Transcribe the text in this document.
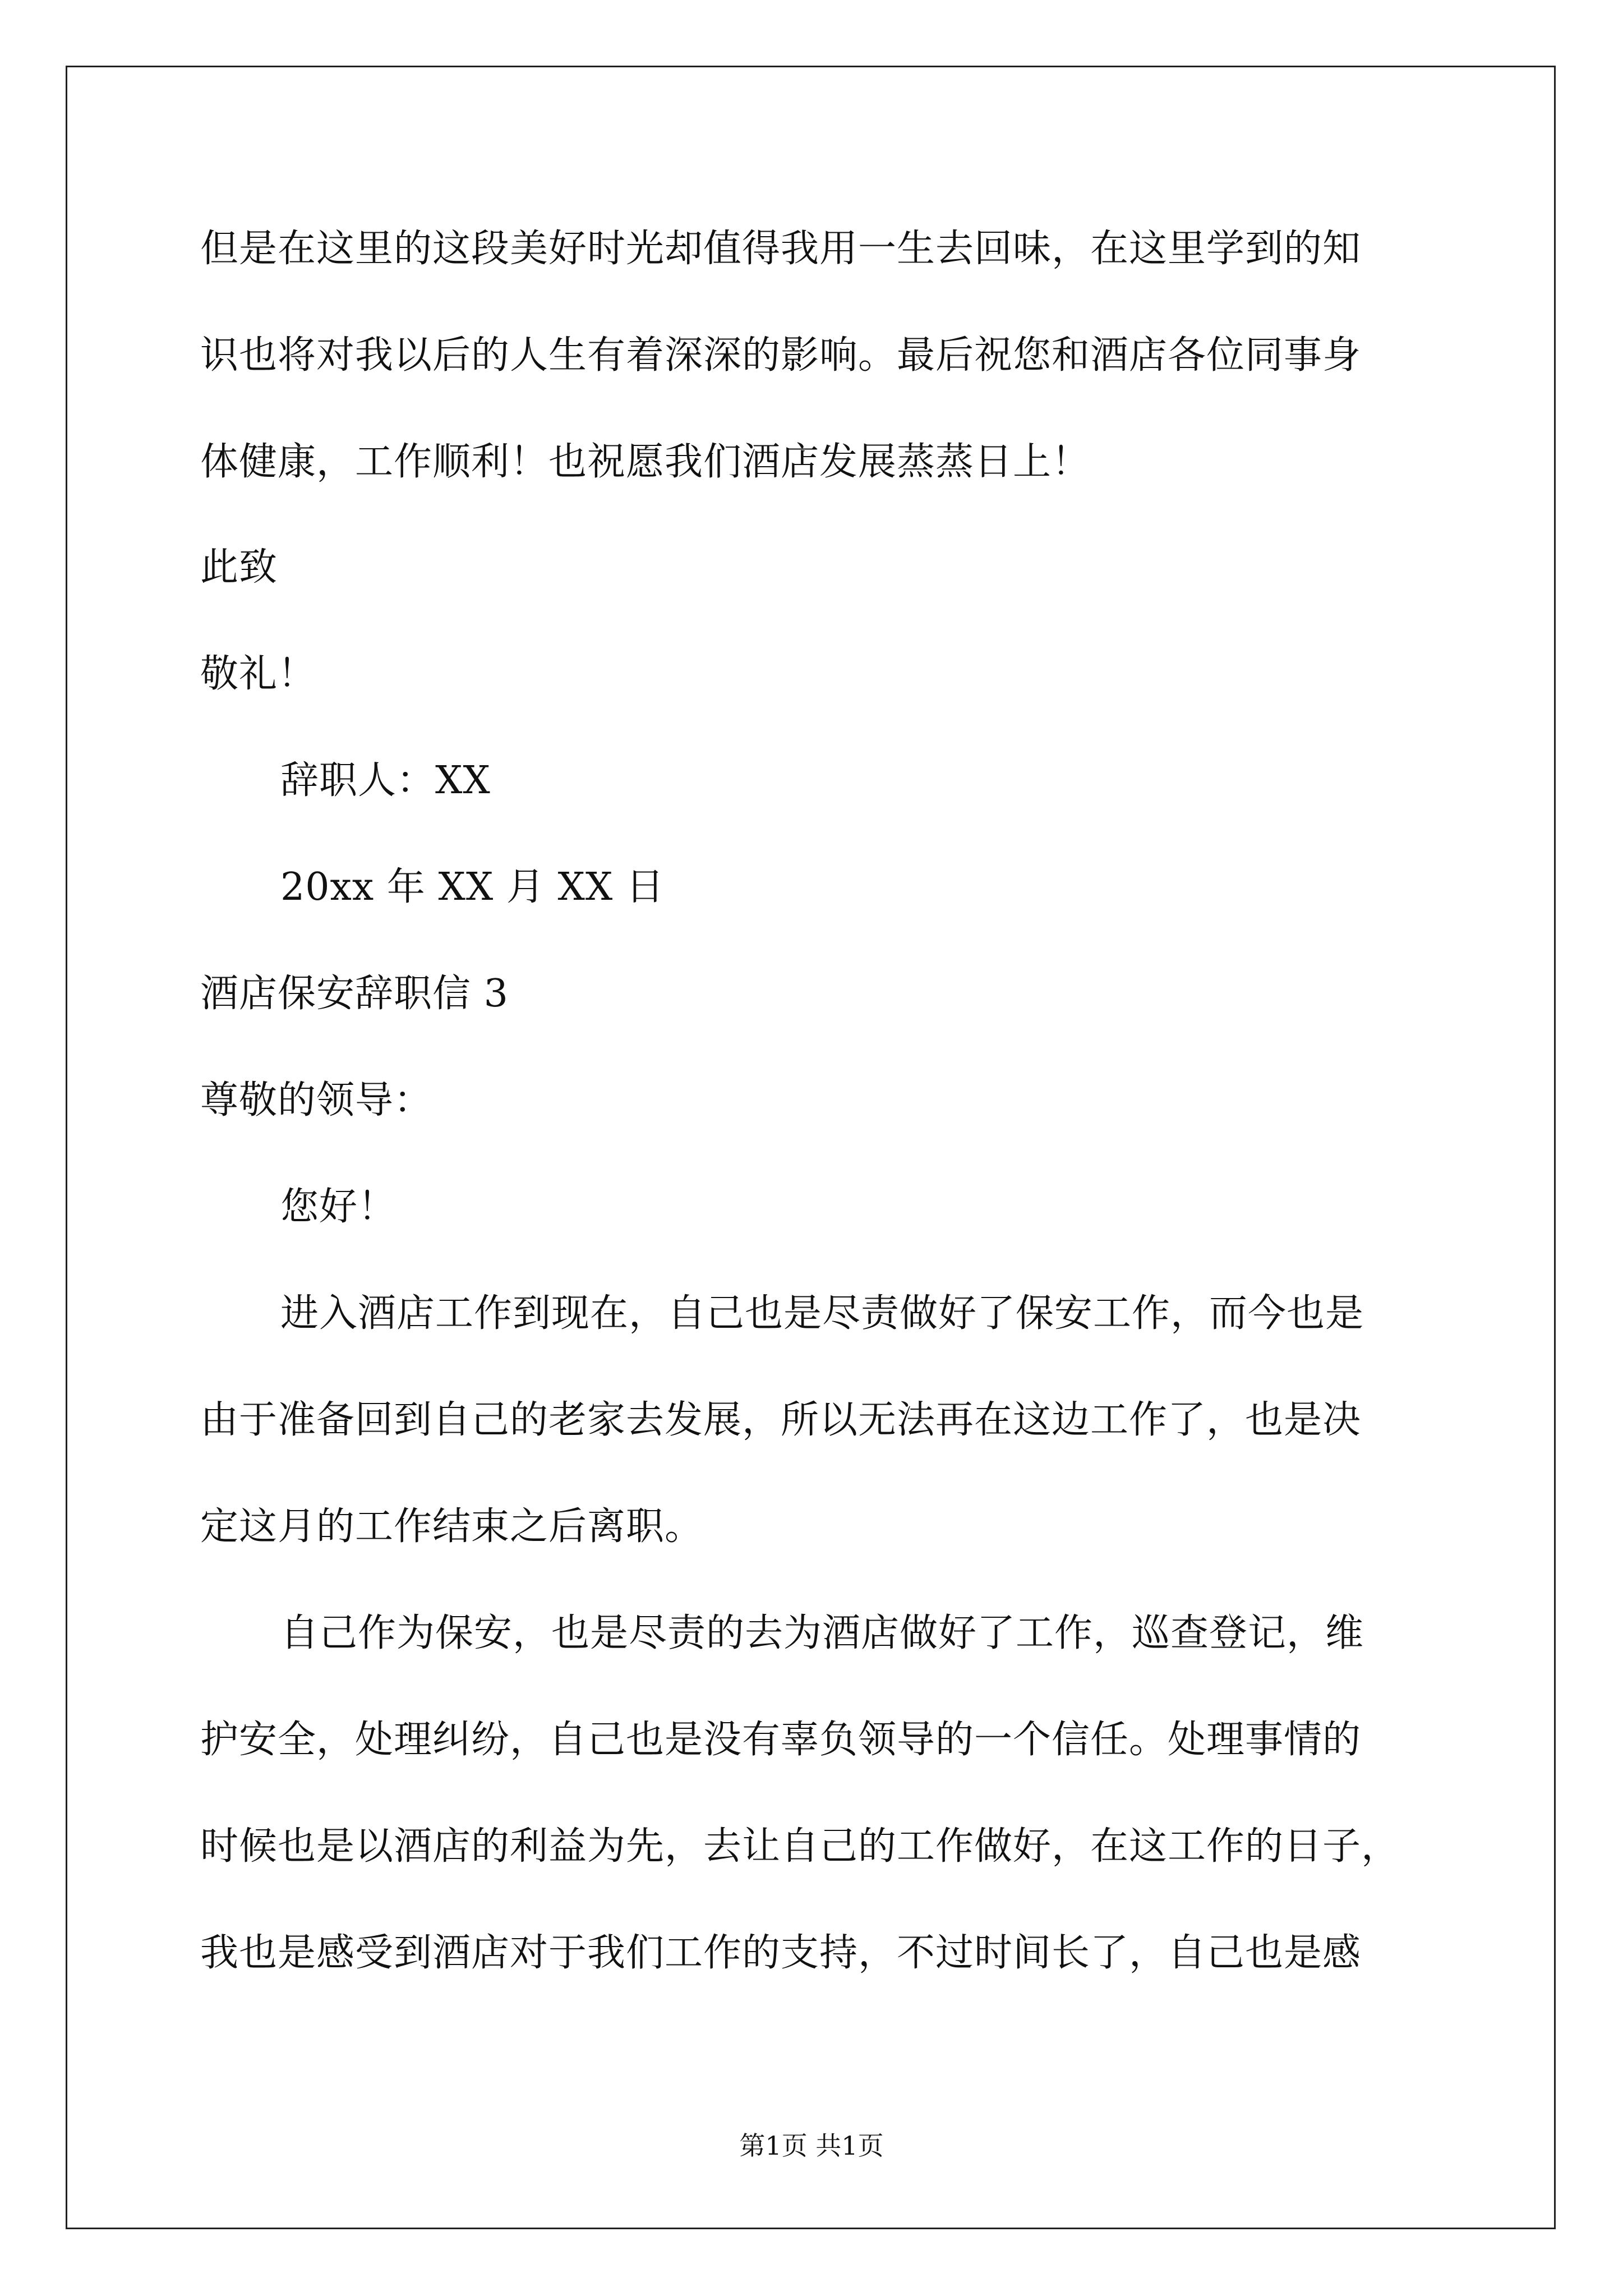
但是在这里的这段美好时光却值得我用一生去回味，在这里学到的知
识也将对我以后的人生有着深深的影响。最后祝您和酒店各位同事身
体健康，工作顺利！也祝愿我们酒店发展蒸蒸日上！
此致
敬礼！
辞职人：XX
20xx 年 XX 月 XX 日
酒店保安辞职信 3
尊敬的领导：
您好！
进入酒店工作到现在，自己也是尽责做好了保安工作，而今也是
由于准备回到自己的老家去发展，所以无法再在这边工作了，也是决
定这月的工作结束之后离职。
自己作为保安，也是尽责的去为酒店做好了工作，巡查登记，维
护安全，处理纠纷，自己也是没有辜负领导的一个信任。处理事情的
时候也是以酒店的利益为先，去让自己的工作做好，在这工作的日子，
我也是感受到酒店对于我们工作的支持，不过时间长了，自己也是感
第1页 共1页
